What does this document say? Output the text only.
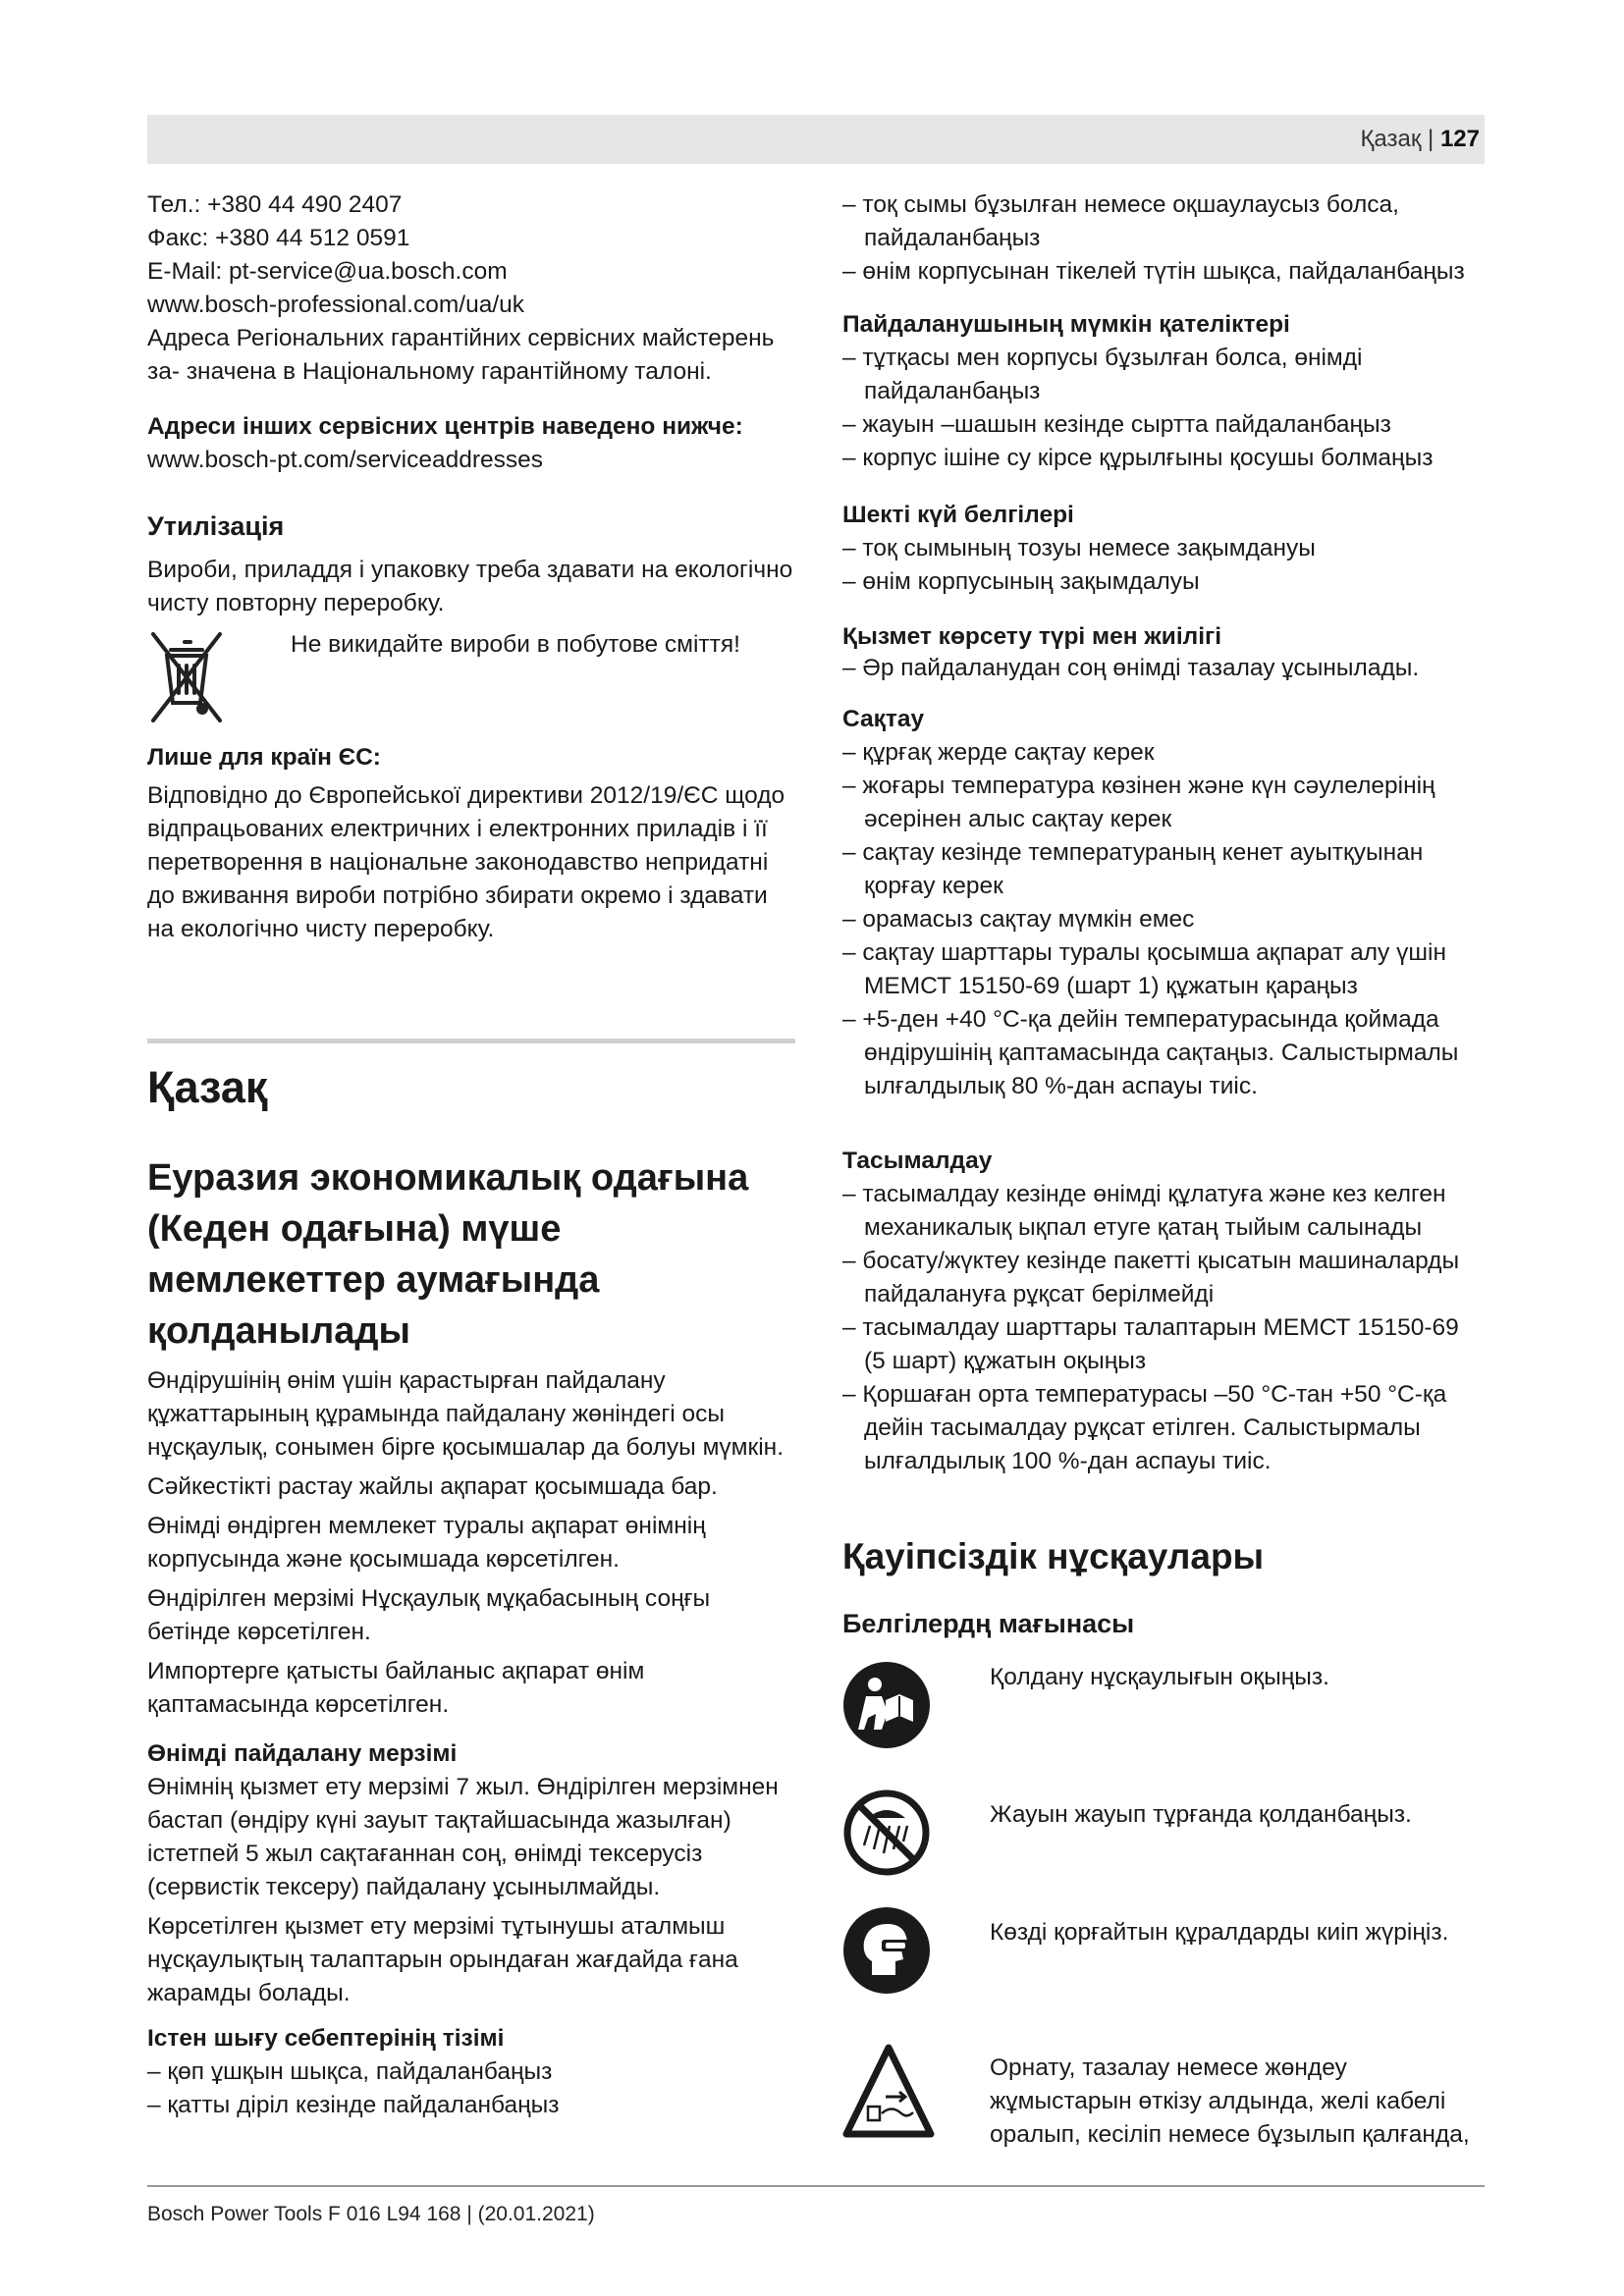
Қазақ | 127

Тел.: +380 44 490 2407

Факс: +380 44 512 0591

E-Mail: pt-service@ua.bosch.com

www.bosch-professional.com/ua/uk

Адреса Регіональних гарантійних сервісних майстерень за- значена в Національному гарантійному талоні.

Адреси інших сервісних центрів наведено нижче:
www.bosch-pt.com/serviceaddresses
Утилізація
Вироби, приладдя і упаковку треба здавати на екологічно чисту повторну переробку.
Не викидайте вироби в побутове сміття!
Лише для країн ЄС:
Відповідно до Європейської директиви 2012/19/ЄС щодо відпрацьованих електричних і електронних приладів і її перетворення в національне законодавство непридатні до вживання вироби потрібно збирати окремо і здавати на екологічно чисту переробку.
Қазақ
Еуразия экономикалық одағына (Кеден одағына) мүше мемлекеттер аумағында қолданылады

Өндірушінің өнім үшін қарастырған пайдалану құжаттарының құрамында пайдалану жөніндегі осы нұсқаулық, сонымен бірге қосымшалар да болуы мүмкін.

Сәйкестікті растау жайлы ақпарат қосымшада бар.

Өнімді өндірген мемлекет туралы ақпарат өнімнің корпусында және қосымшада көрсетілген.

Өндірілген мерзімі Нұсқаулық мұқабасының соңғы бетінде көрсетілген.

Импортерге қатысты байланыс ақпарат өнім қаптамасында көрсетілген.

Өнімді пайдалану мерзімі
Өнімнің қызмет ету мерзімі 7 жыл. Өндірілген мерзімнен бастап (өндіру күні зауыт тақтайшасында жазылған) істетпей 5 жыл сақтағаннан соң, өнімді тексерусіз (сервистік тексеру) пайдалану ұсынылмайды.
Көрсетілген қызмет ету мерзімі тұтынушы аталмыш нұсқаулықтың талаптарын орындаған жағдайда ғана жарамды болады.
Істен шығу себептерінің тізімі

– қөп ұшқын шықса, пайдаланбаңыз

– қатты діріл кезінде пайдаланбаңыз

– тоқ сымы бұзылған немесе оқшаулаусыз болса, пайдаланбаңыз

– өнім корпусынан тікелей түтін шықса, пайдаланбаңыз

Пайдаланушының мүмкін қателіктері

– тұтқасы мен корпусы бұзылған болса, өнімді пайдаланбаңыз

– жауын –шашын кезінде сыртта пайдаланбаңыз

– корпус ішіне су кірсе құрылғыны қосушы болмаңыз

Шекті күй белгілері

– тоқ сымының тозуы немесе зақымдануы

– өнім корпусының зақымдалуы

Қызмет көрсету түрі мен жиілігі

– Әр пайдаланудан соң өнімді тазалау ұсынылады.

Сақтау

– құрғақ жерде сақтау керек

– жоғары температура көзінен және күн сәулелерінің әсерінен алыс сақтау керек

– сақтау кезінде температураның кенет ауытқуынан қорғау керек

– орамасыз сақтау мүмкін емес

– сақтау шарттары туралы қосымша ақпарат алу үшін МЕМСТ 15150-69 (шарт 1) құжатын қараңыз

– +5-ден +40 °C-қа дейін температурасында қоймада өндірушінің қаптамасында сақтаңыз. Салыстырмалы ылғалдылық 80 %-дан аспауы тиіс.

Тасымалдау

– тасымалдау кезінде өнімді құлатуға және кез келген механикалық ықпал етуге қатаң тыйым салынады

– босату/жүктеу кезінде пакетті қысатын машиналарды пайдалануға рұқсат берілмейді

– тасымалдау шарттары талаптарын МЕМСТ 15150-69 (5 шарт) құжатын оқыңыз

– Қоршаған орта температурасы –50 °C-тан +50 °C-қа дейін тасымалдау рұқсат етілген. Салыстырмалы ылғалдылық 100 %-дан аспауы тиіс.

Қауіпсіздік нұсқаулары
Белгілердң мағынасы
Қолдану нұсқаулығын оқыңыз.
Жауын жауып тұрғанда қолданбаңыз.
Көзді қорғайтын құралдарды киіп жүріңіз.
Орнату, тазалау немесе жөндеу жұмыстарын өткізу алдында, желі кабелі оралып, кесіліп немесе бұзылып қалғанда,
Bosch Power Tools F 016 L94 168 | (20.01.2021)
